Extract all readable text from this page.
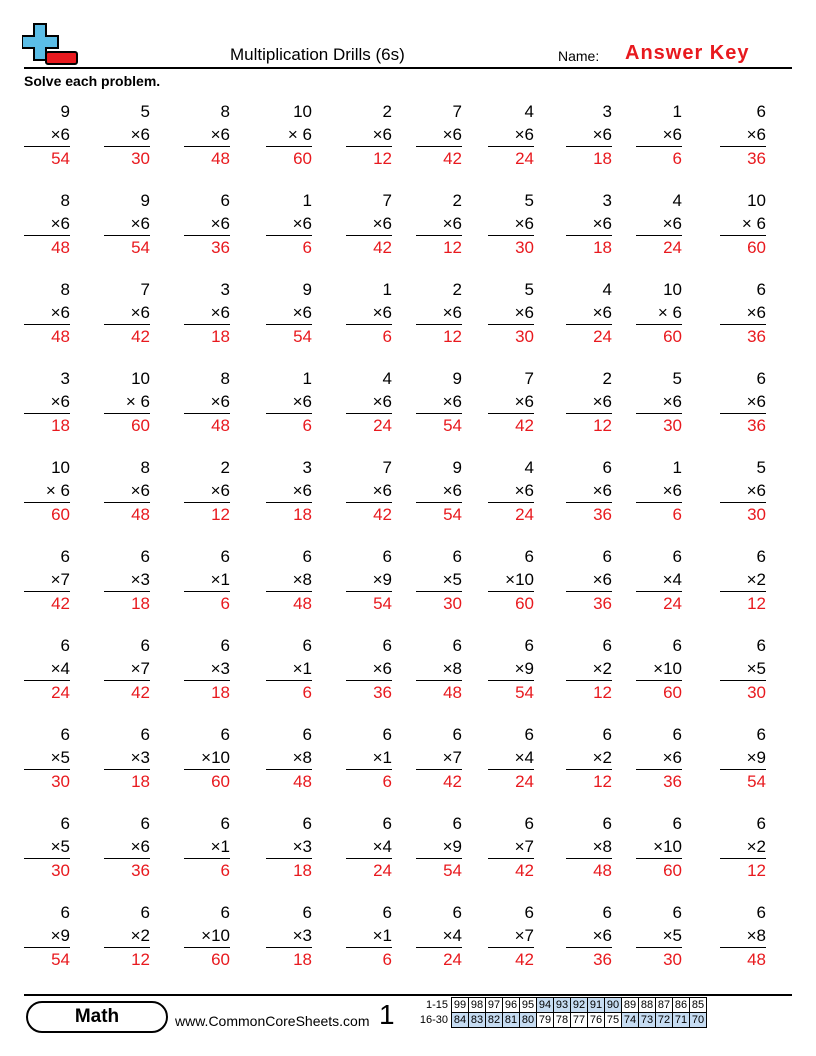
Multiplication Drills (6s)	Name: Answer Key
Solve each problem.
9
×6
54
5
×6
30
8
×6
48
10
× 6
60
2
×6
12
7
×6
42
4
×6
24
3
×6
18
1
×6
6
6
×6
36
8
×6
48
9
×6
54
6
×6
36
1
×6
6
7
×6
42
2
×6
12
5
×6
30
3
×6
18
4
×6
24
10
× 6
60
8
×6
48
7
×6
42
3
×6
18
9
×6
54
1
×6
6
2
×6
12
5
×6
30
4
×6
24
10
× 6
60
6
×6
36
3
×6
18
10
× 6
60
8
×6
48
1
×6
6
4
×6
24
9
×6
54
7
×6
42
2
×6
12
5
×6
30
6
×6
36
10
× 6
60
8
×6
48
2
×6
12
3
×6
18
7
×6
42
9
×6
54
4
×6
24
6
×6
36
1
×6
6
5
×6
30
6
×7
42
6
×3
18
6
×1
6
6
×8
48
6
×9
54
6
×5
30
6
×10
60
6
×6
36
6
×4
24
6
×2
12
6
×4
24
6
×7
42
6
×3
18
6
×1
6
6
×6
36
6
×8
48
6
×9
54
6
×2
12
6
×10
60
6
×5
30
6
×5
30
6
×3
18
6
×10
60
6
×8
48
6
×1
6
6
×7
42
6
×4
24
6
×2
12
6
×6
36
6
×9
54
6
×5
30
6
×6
36
6
×1
6
6
×3
18
6
×4
24
6
×9
54
6
×7
42
6
×8
48
6
×10
60
6
×2
12
6
×9
54
6
×2
12
6
×10
60
6
×3
18
6
×1
6
6
×4
24
6
×7
42
6
×6
36
6
×5
30
6
×8
48
Math	www.CommonCoreSheets.com 1	1-15	99	98	97	96	95	94	93	92	91	90	89	88	87	86	85
16-30	84	83	82	81	80	79	78	77	76	75	74	73	72	71	70
